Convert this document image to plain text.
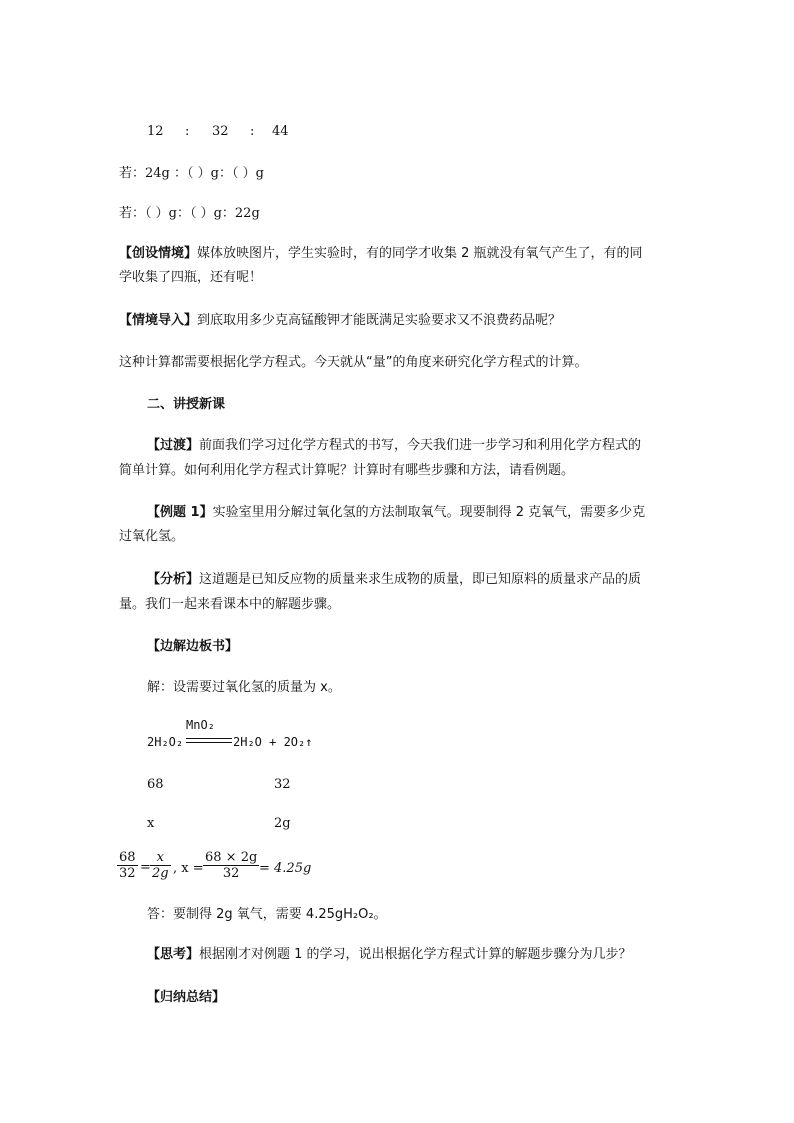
12 : 32 : 44
若：24g ：（ ）g：（ ）g
若：（ ）g：（ ）g：22g
【创设情境】媒体放映图片，学生实验时，有的同学才收集 2 瓶就没有氧气产生了，有的同
学收集了四瓶，还有呢！
【情境导入】到底取用多少克高锰酸钾才能既满足实验要求又不浪费药品呢？
这种计算都需要根据化学方程式。今天就从“量”的角度来研究化学方程式的计算。
二、讲授新课
【过渡】前面我们学习过化学方程式的书写，今天我们进一步学习和利用化学方程式的
简单计算。如何利用化学方程式计算呢？计算时有哪些步骤和方法，请看例题。
【例题 1】实验室里用分解过氧化氢的方法制取氧气。现要制得 2 克氧气，需要多少克
过氧化氢。
【分析】这道题是已知反应物的质量来求生成物的质量，即已知原料的质量求产品的质
量。我们一起来看课本中的解题步骤。
【边解边板书】
解：设需要过氧化氢的质量为 x。
MnO₂
2H₂O₂	2H₂O + 2O₂↑
68	32
x	2g
$\frac{68}{32} = \frac{x}{2g}$ , $x = \frac{68 \times 2g}{32} = 4.25g$
答：要制得 2g 氧气，需要 4.25gH₂O₂。
【思考】根据刚才对例题 1 的学习，说出根据化学方程式计算的解题步骤分为几步？
【归纳总结】
